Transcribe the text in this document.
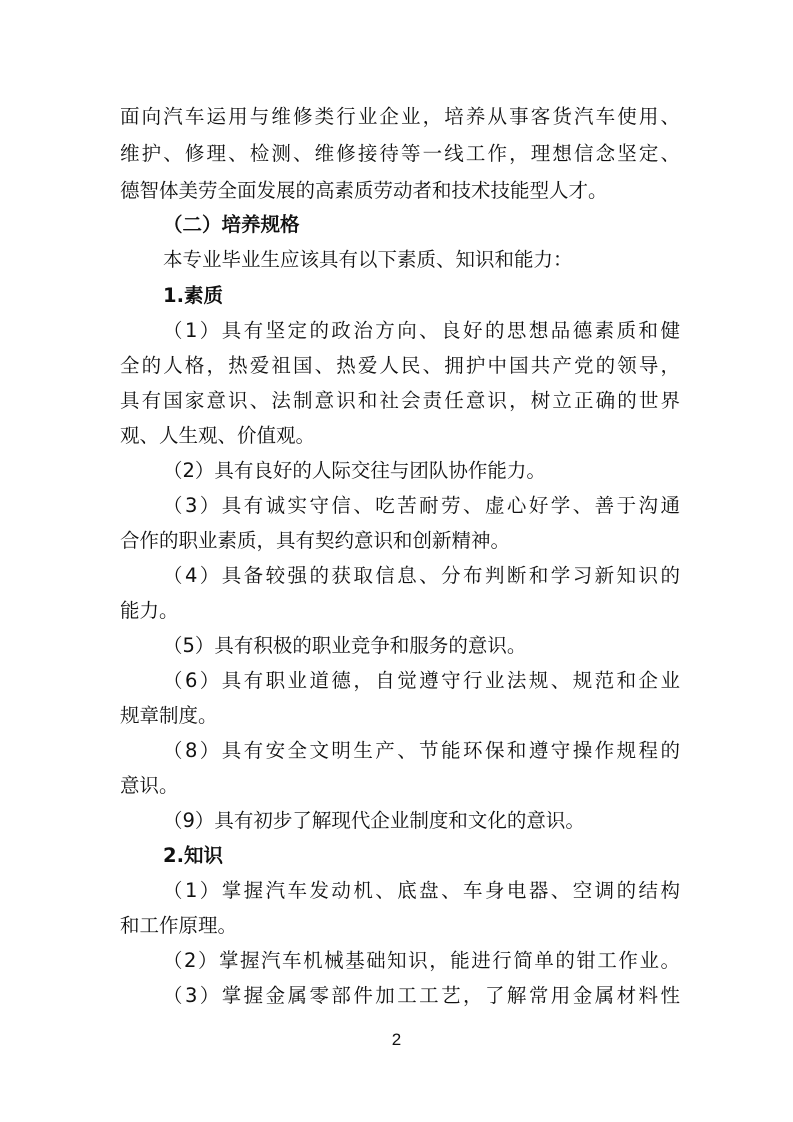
面向汽车运用与维修类行业企业，培养从事客货汽车使用、
维护、修理、检测、维修接待等一线工作，理想信念坚定、
德智体美劳全面发展的高素质劳动者和技术技能型人才。
（二）培养规格
本专业毕业生应该具有以下素质、知识和能力：
1.素质
（1）具有坚定的政治方向、良好的思想品德素质和健
全的人格，热爱祖国、热爱人民、拥护中国共产党的领导，
具有国家意识、法制意识和社会责任意识，树立正确的世界
观、人生观、价值观。
（2）具有良好的人际交往与团队协作能力。
（3）具有诚实守信、吃苦耐劳、虚心好学、善于沟通
合作的职业素质，具有契约意识和创新精神。
（4）具备较强的获取信息、分布判断和学习新知识的
能力。
（5）具有积极的职业竞争和服务的意识。
（6）具有职业道德，自觉遵守行业法规、规范和企业
规章制度。
（8）具有安全文明生产、节能环保和遵守操作规程的
意识。
（9）具有初步了解现代企业制度和文化的意识。
2.知识
（1）掌握汽车发动机、底盘、车身电器、空调的结构
和工作原理。
（2）掌握汽车机械基础知识，能进行简单的钳工作业。
（3）掌握金属零部件加工工艺，了解常用金属材料性
2
